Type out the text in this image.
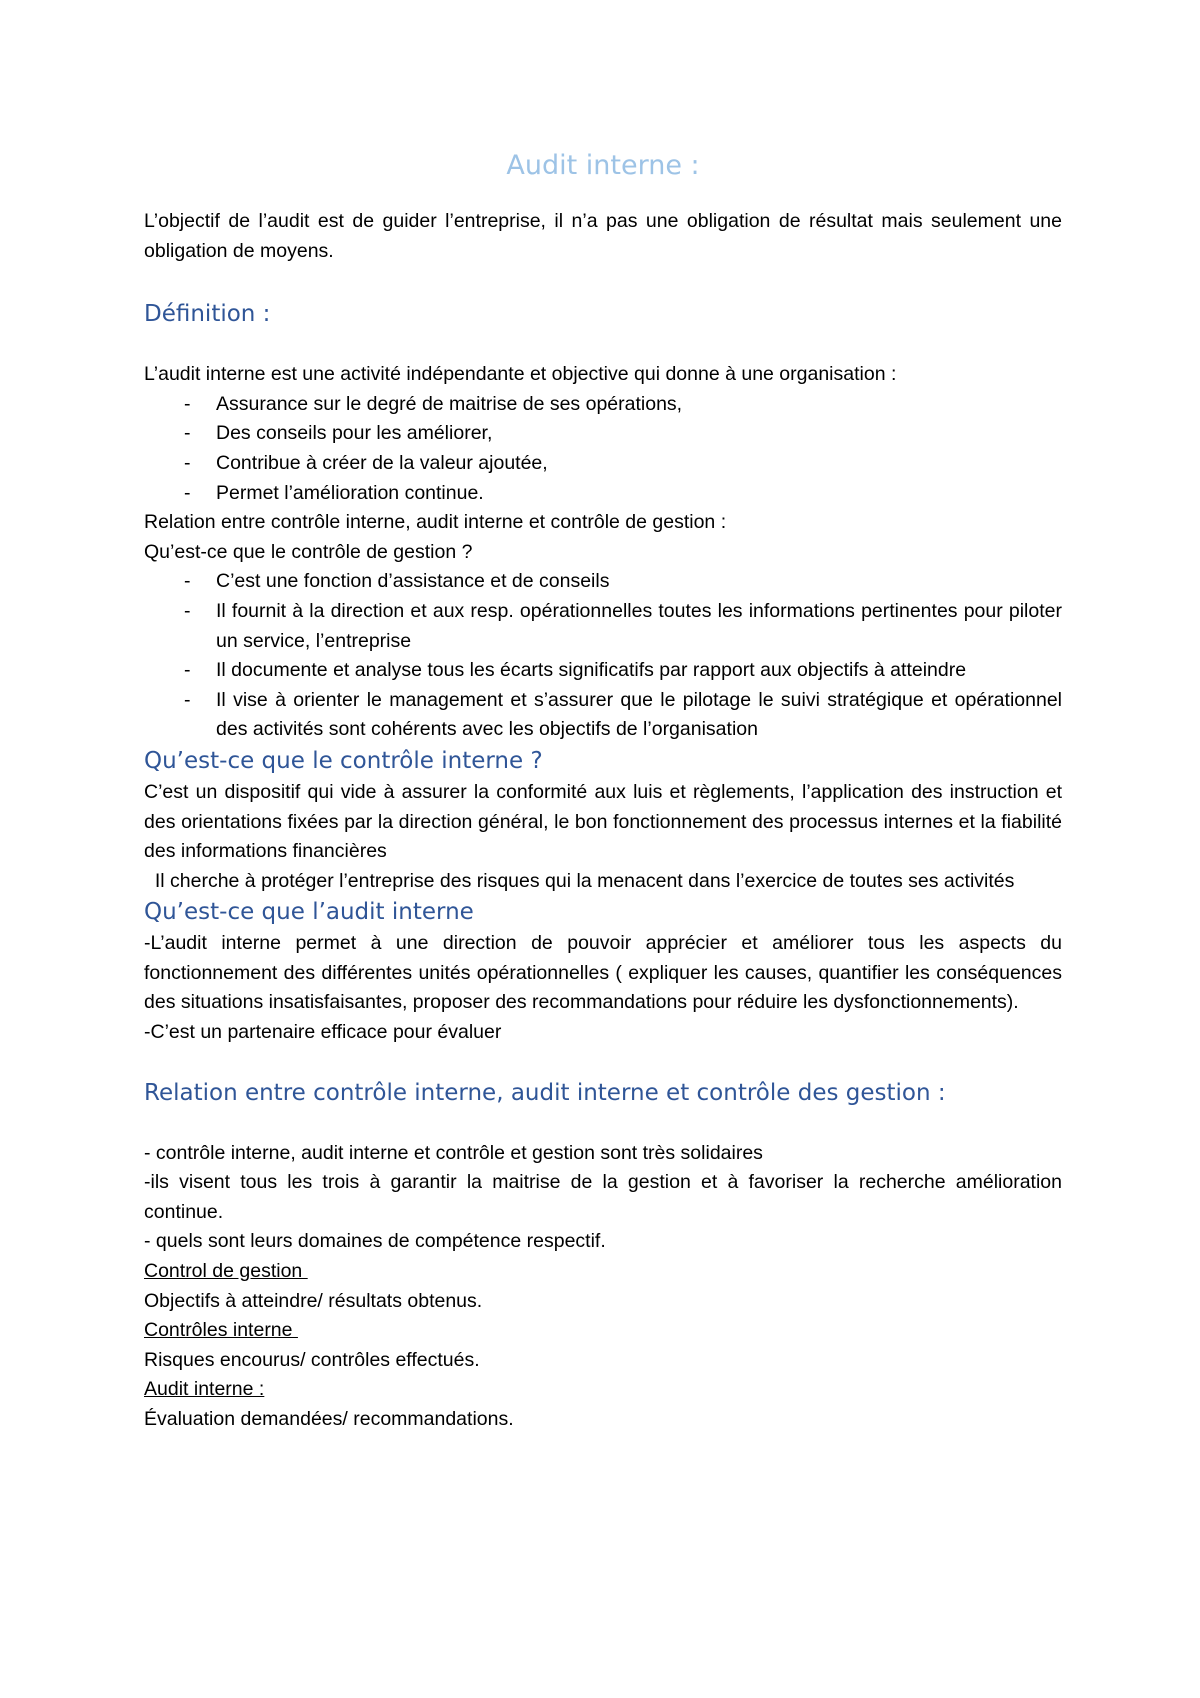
Audit interne :

L’objectif de l’audit est de guider l’entreprise, il n’a pas une obligation de résultat mais seulement une obligation de moyens.

Définition :

L’audit interne est une activité indépendante et objective qui donne à une organisation :

- Assurance sur le degré de maitrise de ses opérations,
- Des conseils pour les améliorer,
- Contribue à créer de la valeur ajoutée,
- Permet l’amélioration continue.

Relation entre contrôle interne, audit interne et contrôle de gestion :

Qu’est-ce que le contrôle de gestion ?

- C’est une fonction d’assistance et de conseils
- Il fournit à la direction et aux resp. opérationnelles toutes les informations pertinentes pour piloter un service, l’entreprise
- Il documente et analyse tous les écarts significatifs par rapport aux objectifs à atteindre
- Il vise à orienter le management et s’assurer que le pilotage le suivi stratégique et opérationnel des activités sont cohérents avec les objectifs de l’organisation
Qu’est-ce que le contrôle interne ?

C’est un dispositif qui vide à assurer la conformité aux luis et règlements, l’application des instruction et des orientations fixées par la direction général, le bon fonctionnement des processus internes et la fiabilité des informations financières

Il cherche à protéger l’entreprise des risques qui la menacent dans l’exercice de toutes ses activités

Qu’est-ce que l’audit interne

-L’audit interne permet à une direction de pouvoir apprécier et améliorer tous les aspects du fonctionnement des différentes unités opérationnelles ( expliquer les causes, quantifier les conséquences des situations insatisfaisantes, proposer des recommandations pour réduire les dysfonctionnements).

-C’est un partenaire efficace pour évaluer

Relation entre contrôle interne, audit interne et contrôle des gestion :

- contrôle interne, audit interne et contrôle et gestion sont très solidaires

-ils visent tous les trois à garantir la maitrise de la gestion et à favoriser la recherche amélioration continue.

- quels sont leurs domaines de compétence respectif.

Control de gestion

Objectifs à atteindre/ résultats obtenus.

Contrôles interne

Risques encourus/ contrôles effectués.

Audit interne :

Évaluation demandées/ recommandations.
